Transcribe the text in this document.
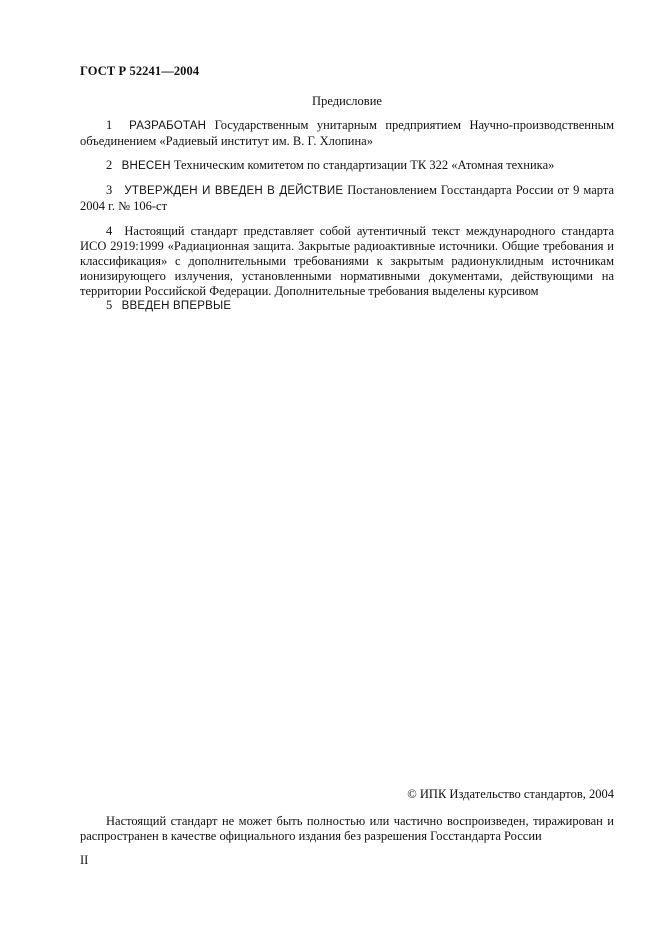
ГОСТ Р 52241—2004
Предисловие

1 РАЗРАБОТАН Государственным унитарным предприятием Научно-производственным объединением «Радиевый институт им. В. Г. Хлопина»

2 ВНЕСЕН Техническим комитетом по стандартизации ТК 322 «Атомная техника»

3 УТВЕРЖДЕН И ВВЕДЕН В ДЕЙСТВИЕ Постановлением Госстандарта России от 9 марта 2004 г. № 106-ст

4 Настоящий стандарт представляет собой аутентичный текст международного стандарта ИСО 2919:1999 «Радиационная защита. Закрытые радиоактивные источники. Общие требования и классификация» с дополнительными требованиями к закрытым радионуклидным источникам ионизирующего излучения, установленными нормативными документами, действующими на территории Российской Федерации. Дополнительные требования выделены курсивом

5 ВВЕДЕН ВПЕРВЫЕ

© ИПК Издательство стандартов, 2004

Настоящий стандарт не может быть полностью или частично воспроизведен, тиражирован и распространен в качестве официального издания без разрешения Госстандарта России

II
